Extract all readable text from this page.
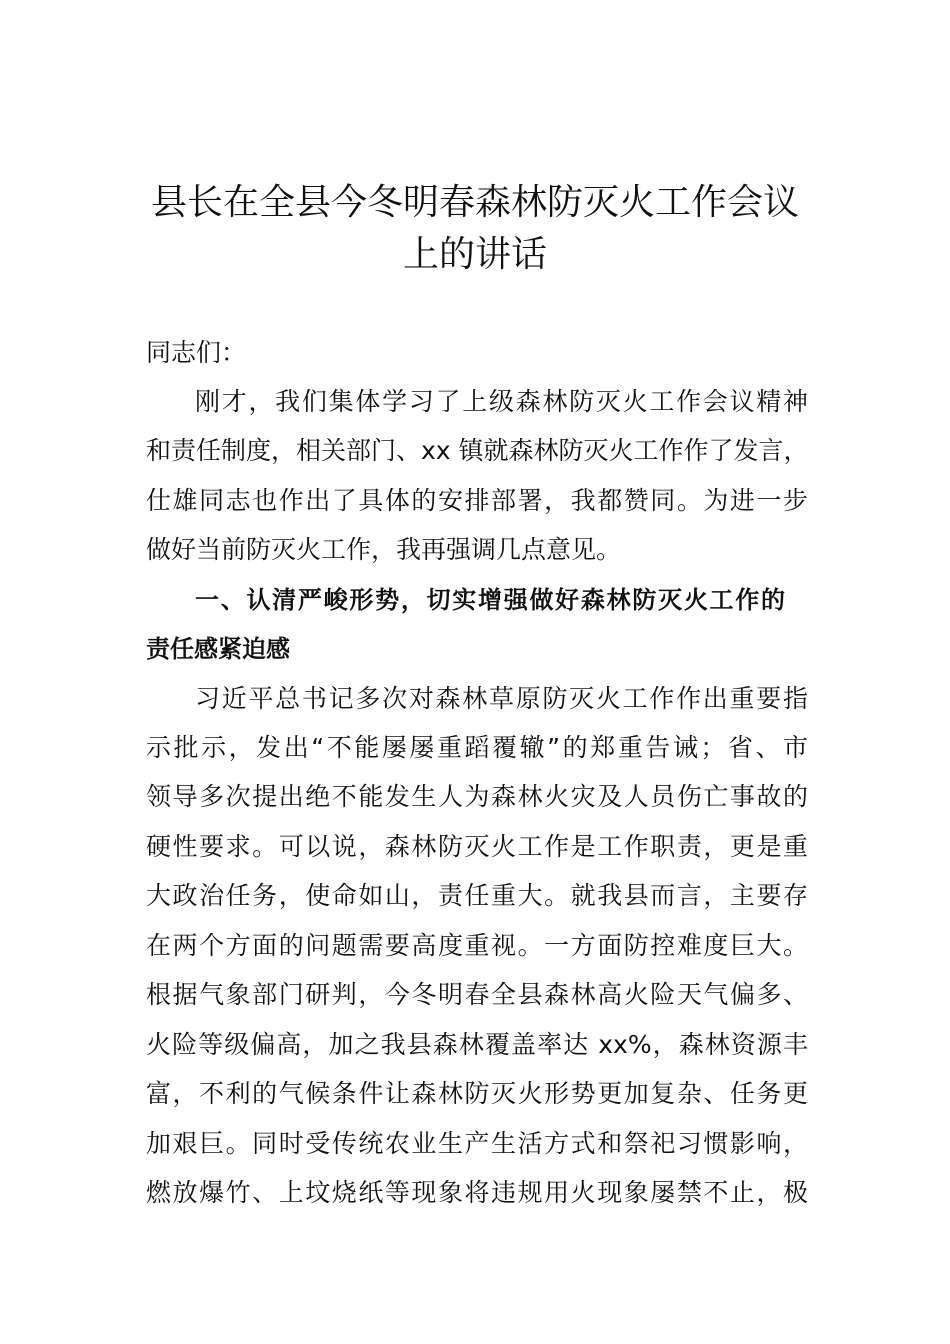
县长在全县今冬明春森林防灭火工作会议
上的讲话

同志们：

刚才，我们集体学习了上级森林防灭火工作会议精神

和责任制度，相关部门、xx 镇就森林防灭火工作作了发言，

仕雄同志也作出了具体的安排部署，我都赞同。为进一步

做好当前防灭火工作，我再强调几点意见。

一、认清严峻形势，切实增强做好森林防灭火工作的

责任感紧迫感

习近平总书记多次对森林草原防灭火工作作出重要指

示批示，发出“不能屡屡重蹈覆辙”的郑重告诫；省、市

领导多次提出绝不能发生人为森林火灾及人员伤亡事故的

硬性要求。可以说，森林防灭火工作是工作职责，更是重

大政治任务，使命如山，责任重大。就我县而言，主要存

在两个方面的问题需要高度重视。一方面防控难度巨大。

根据气象部门研判，今冬明春全县森林高火险天气偏多、

火险等级偏高，加之我县森林覆盖率达 xx%，森林资源丰

富，不利的气候条件让森林防灭火形势更加复杂、任务更

加艰巨。同时受传统农业生产生活方式和祭祀习惯影响，

燃放爆竹、上坟烧纸等现象将违规用火现象屡禁不止，极
